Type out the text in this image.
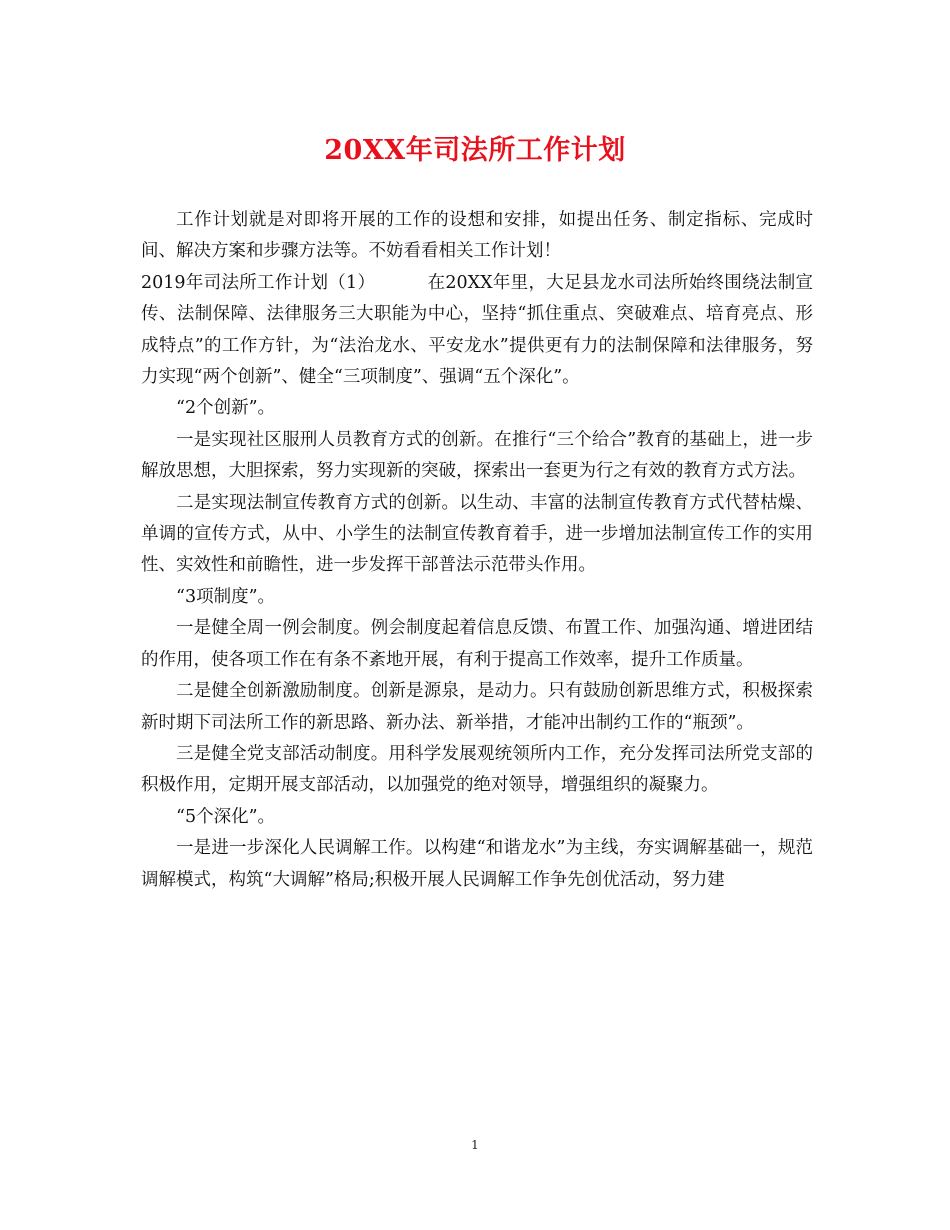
20XX年司法所工作计划

工作计划就是对即将开展的工作的设想和安排，如提出任务、制定指标、完成时间、解决方案和步骤方法等。不妨看看相关工作计划！

2019年司法所工作计划（1）	在20XX年里，大足县龙水司法所始终围绕法制宣传、法制保障、法律服务三大职能为中心，坚持“抓住重点、突破难点、培育亮点、形成特点”的工作方针，为“法治龙水、平安龙水”提供更有力的法制保障和法律服务，努力实现“两个创新”、健全“三项制度”、强调“五个深化”。

“2个创新”。

一是实现社区服刑人员教育方式的创新。在推行“三个给合”教育的基础上，进一步解放思想，大胆探索，努力实现新的突破，探索出一套更为行之有效的教育方式方法。

二是实现法制宣传教育方式的创新。以生动、丰富的法制宣传教育方式代替枯燥、单调的宣传方式，从中、小学生的法制宣传教育着手，进一步增加法制宣传工作的实用性、实效性和前瞻性，进一步发挥干部普法示范带头作用。

“3项制度”。

一是健全周一例会制度。例会制度起着信息反馈、布置工作、加强沟通、增进团结的作用，使各项工作在有条不紊地开展，有利于提高工作效率，提升工作质量。

二是健全创新激励制度。创新是源泉，是动力。只有鼓励创新思维方式，积极探索新时期下司法所工作的新思路、新办法、新举措，才能冲出制约工作的“瓶颈”。

三是健全党支部活动制度。用科学发展观统领所内工作，充分发挥司法所党支部的积极作用，定期开展支部活动，以加强党的绝对领导，增强组织的凝聚力。

“5个深化”。

一是进一步深化人民调解工作。以构建“和谐龙水”为主线，夯实调解基础一，规范调解模式，构筑“大调解”格局;积极开展人民调解工作争先创优活动，努力建

1
